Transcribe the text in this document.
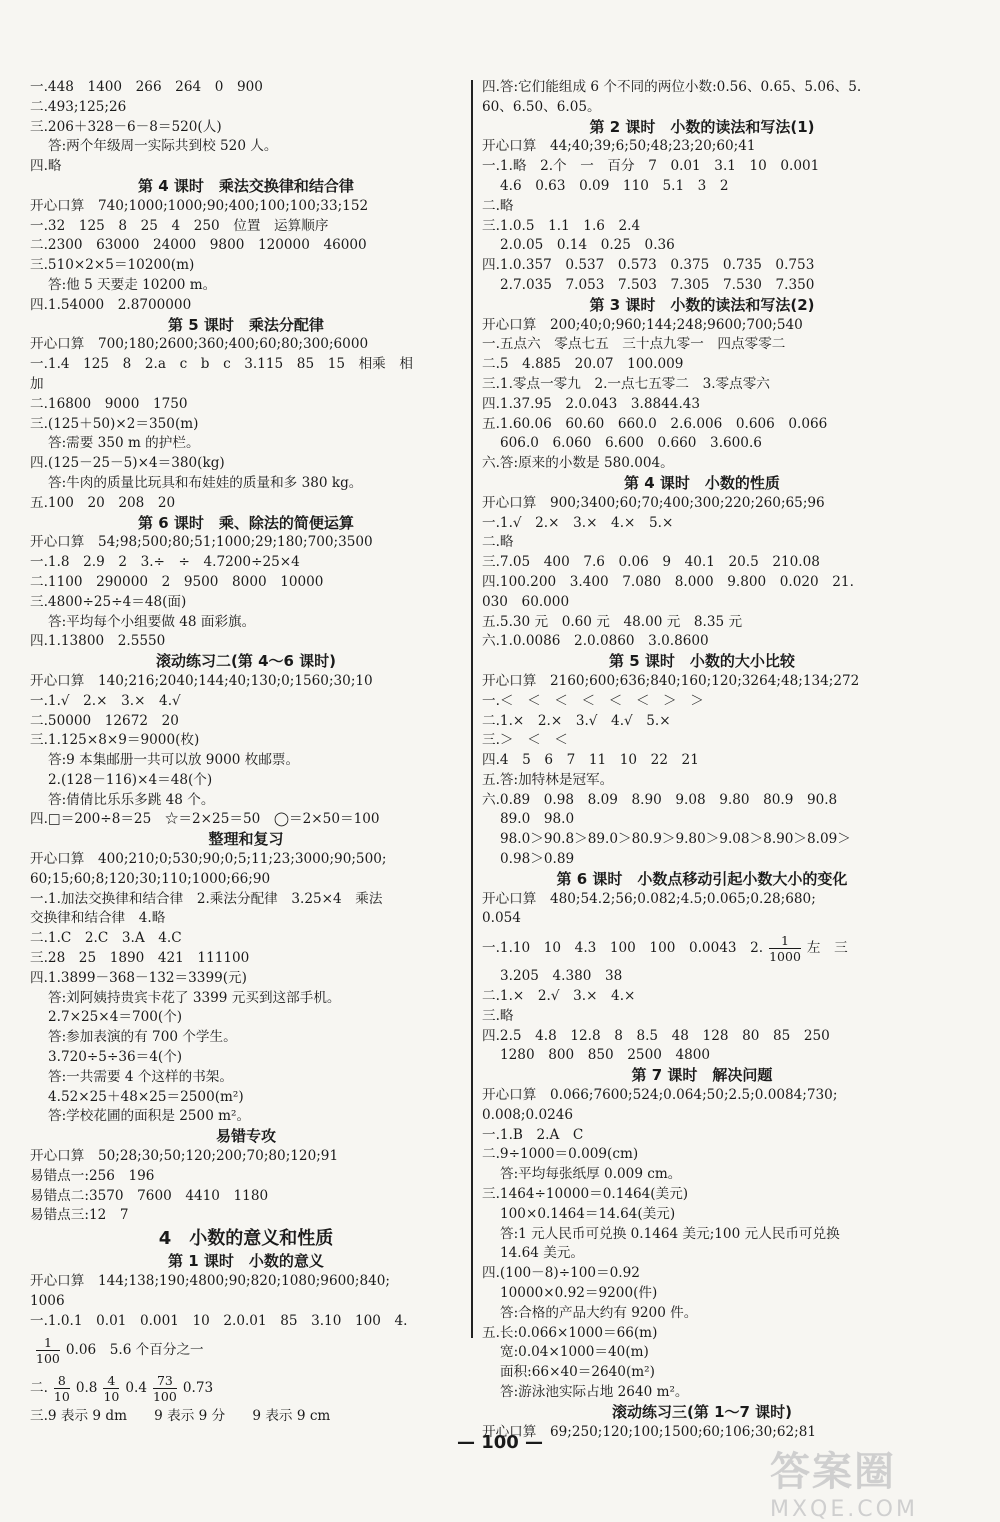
一.448　1400　266　264　0　900
二.493;125;26
三.206＋328－6－8＝520(人)
答:两个年级周一实际共到校 520 人。
四.略
第 4 课时　乘法交换律和结合律
开心口算　740;1000;1000;90;400;100;100;33;152
一.32　125　8　25　4　250　位置　运算顺序
二.2300　63000　24000　9800　120000　46000
三.510×2×5＝10200(m)
答:他 5 天要走 10200 m。
四.1.54000　2.8700000
第 5 课时　乘法分配律
开心口算　700;180;2600;360;400;60;80;300;6000
一.1.4　125　8　2.a　c　b　c　3.115　85　15　相乘　相
加
二.16800　9000　1750
三.(125＋50)×2＝350(m)
答:需要 350 m 的护栏。
四.(125－25－5)×4＝380(kg)
答:牛肉的质量比玩具和布娃娃的质量和多 380 kg。
五.100　20　208　20
第 6 课时　乘、除法的简便运算
开心口算　54;98;500;80;51;1000;29;180;700;3500
一.1.8　2.9　2　3.÷　÷　4.7200÷25×4
二.1100　290000　2　9500　8000　10000
三.4800÷25÷4＝48(面)
答:平均每个小组要做 48 面彩旗。
四.1.13800　2.5550
滚动练习二(第 4～6 课时)
开心口算　140;216;2040;144;40;130;0;1560;30;10
一.1.√　2.×　3.×　4.√
二.50000　12672　20
三.1.125×8×9＝9000(枚)
答:9 本集邮册一共可以放 9000 枚邮票。
2.(128－116)×4＝48(个)
答:倩倩比乐乐多跳 48 个。
四.□＝200÷8＝25　☆＝2×25＝50　◯＝2×50＝100
整理和复习
开心口算　400;210;0;530;90;0;5;11;23;3000;90;500;
60;15;60;8;120;30;110;1000;66;90
一.1.加法交换律和结合律　2.乘法分配律　3.25×4　乘法
交换律和结合律　4.略
二.1.C　2.C　3.A　4.C
三.28　25　1890　421　111100
四.1.3899－368－132＝3399(元)
答:刘阿姨持贵宾卡花了 3399 元买到这部手机。
2.7×25×4＝700(个)
答:参加表演的有 700 个学生。
3.720÷5÷36＝4(个)
答:一共需要 4 个这样的书架。
4.52×25＋48×25＝2500(m²)
答:学校花圃的面积是 2500 m²。
易错专攻
开心口算　50;28;30;50;120;200;70;80;120;91
易错点一:256　196
易错点二:3570　7600　4410　1180
易错点三:12　7
4　小数的意义和性质
第 1 课时　小数的意义
开心口算　144;138;190;4800;90;820;1080;9600;840;
1006
一.1.0.1　0.01　0.001　10　2.0.01　85　3.10　100　4.
$\frac{1}{100} 0.06$　5.6 个百分之一
二. $\frac{8}{10} 0.8 \frac{4}{10} 0.4 \frac{73}{100} 0.73$
三.9 表示 9 dm　　9 表示 9 分　　9 表示 9 cm
四.答:它们能组成 6 个不同的两位小数:0.56、0.65、5.06、5.
60、6.50、6.05。
第 2 课时　小数的读法和写法(1)
开心口算　44;40;39;6;50;48;23;20;60;41
一.1.略　2.个　一　百分　7　0.01　3.1　10　0.001
4.6　0.63　0.09　110　5.1　3　2
二.略
三.1.0.5　1.1　1.6　2.4
2.0.05　0.14　0.25　0.36
四.1.0.357　0.537　0.573　0.375　0.735　0.753
2.7.035　7.053　7.503　7.305　7.530　7.350
第 3 课时　小数的读法和写法(2)
开心口算　200;40;0;960;144;248;9600;700;540
一.五点六　零点七五　三十点九零一　四点零零二
二.5　4.885　20.07　100.009
三.1.零点一零九　2.一点七五零二　3.零点零六
四.1.37.95　2.0.043　3.8844.43
五.1.60.06　60.60　660.0　2.6.006　0.606　0.066
606.0　6.060　6.600　0.660　3.600.6
六.答:原来的小数是 580.004。
第 4 课时　小数的性质
开心口算　900;3400;60;70;400;300;220;260;65;96
一.1.√　2.×　3.×　4.×　5.×
二.略
三.7.05　400　7.6　0.06　9　40.1　20.5　210.08
四.100.200　3.400　7.080　8.000　9.800　0.020　21.
030　60.000
五.5.30 元　0.60 元　48.00 元　8.35 元
六.1.0.0086　2.0.0860　3.0.8600
第 5 课时　小数的大小比较
开心口算　2160;600;636;840;160;120;3264;48;134;272
一.＜　＜　＜　＜　＜　＜　＞　＞
二.1.×　2.×　3.√　4.√　5.×
三.＞　＜　＜
四.4　5　6　7　11　10　22　21
五.答:加特林是冠军。
六.0.89　0.98　8.09　8.90　9.08　9.80　80.9　90.8
89.0　98.0
98.0＞90.8＞89.0＞80.9＞9.80＞9.08＞8.90＞8.09＞
0.98＞0.89
第 6 课时　小数点移动引起小数大小的变化
开心口算　480;54.2;56;0.082;4.5;0.065;0.28;680;
0.054
一.1.10　10　4.3　100　100　0.0043　2. $\frac{1}{1000}$ 左　三
3.205　4.380　38
二.1.×　2.√　3.×　4.×
三.略
四.2.5　4.8　12.8　8　8.5　48　128　80　85　250
1280　800　850　2500　4800
第 7 课时　解决问题
开心口算　0.066;7600;524;0.064;50;2.5;0.0084;730;
0.008;0.0246
一.1.B　2.A　C
二.9÷1000＝0.009(cm)
答:平均每张纸厚 0.009 cm。
三.1464÷10000＝0.1464(美元)
100×0.1464＝14.64(美元)
答:1 元人民币可兑换 0.1464 美元;100 元人民币可兑换
14.64 美元。
四.(100－8)÷100＝0.92
10000×0.92＝9200(件)
答:合格的产品大约有 9200 件。
五.长:0.066×1000＝66(m)
宽:0.04×1000＝40(m)
面积:66×40＝2640(m²)
答:游泳池实际占地 2640 m²。
滚动练习三(第 1～7 课时)
开心口算　69;250;120;100;1500;60;106;30;62;81
— 100 —
答案圈
MXQE.COM
